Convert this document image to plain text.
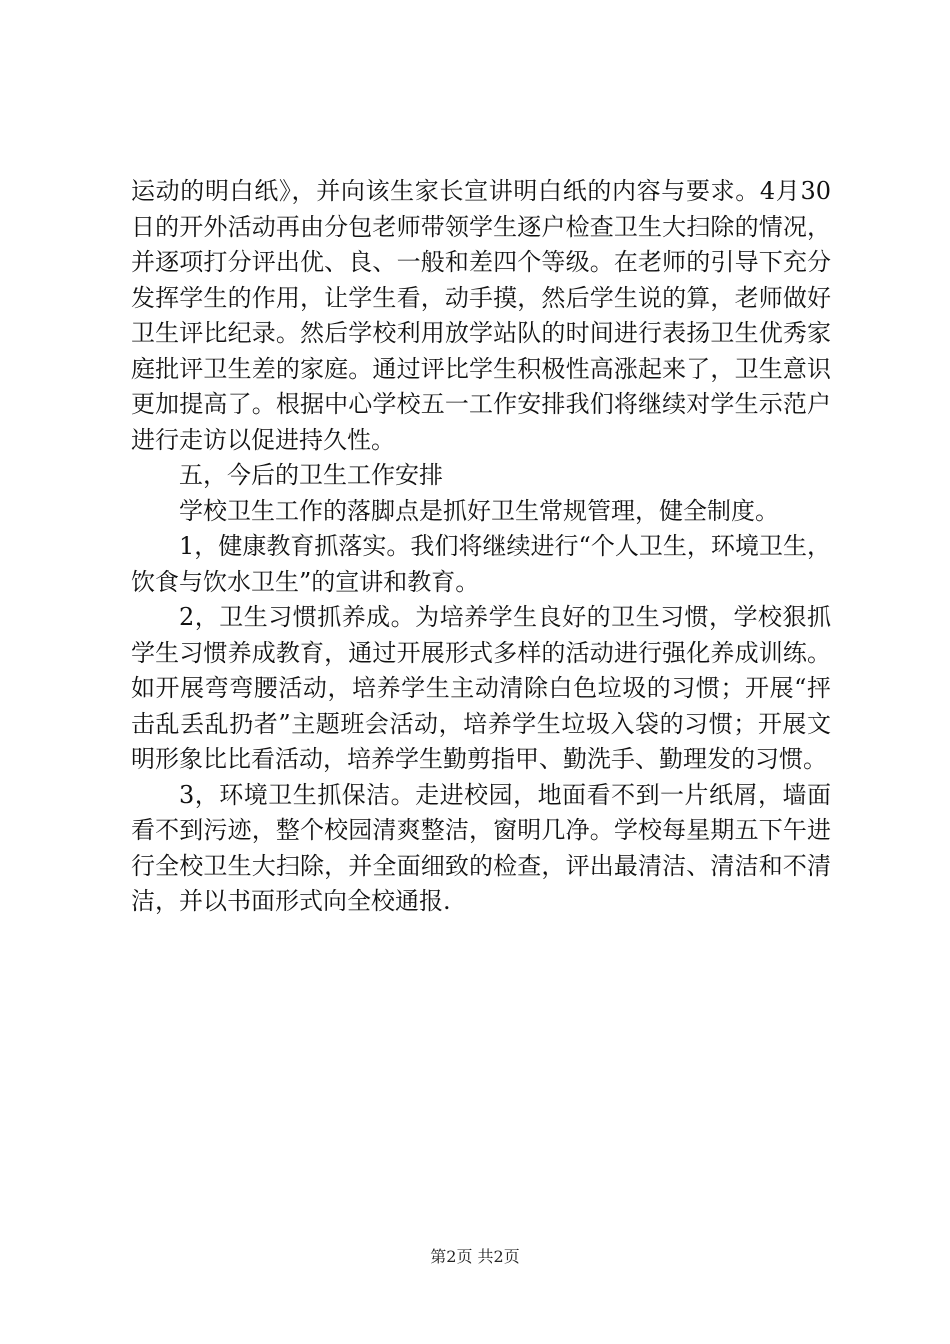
运动的明白纸》，并向该生家长宣讲明白纸的内容与要求。4月30日的开外活动再由分包老师带领学生逐户检查卫生大扫除的情况，并逐项打分评出优、良、一般和差四个等级。在老师的引导下充分发挥学生的作用，让学生看，动手摸，然后学生说的算，老师做好卫生评比纪录。然后学校利用放学站队的时间进行表扬卫生优秀家庭批评卫生差的家庭。通过评比学生积极性高涨起来了，卫生意识更加提高了。根据中心学校五一工作安排我们将继续对学生示范户进行走访以促进持久性。

五，今后的卫生工作安排

学校卫生工作的落脚点是抓好卫生常规管理，健全制度。

1，健康教育抓落实。我们将继续进行“个人卫生，环境卫生，饮食与饮水卫生”的宣讲和教育。

2，卫生习惯抓养成。为培养学生良好的卫生习惯，学校狠抓学生习惯养成教育，通过开展形式多样的活动进行强化养成训练。如开展弯弯腰活动，培养学生主动清除白色垃圾的习惯；开展“抨击乱丢乱扔者”主题班会活动，培养学生垃圾入袋的习惯；开展文明形象比比看活动，培养学生勤剪指甲、勤洗手、勤理发的习惯。

3，环境卫生抓保洁。走进校园，地面看不到一片纸屑，墙面看不到污迹，整个校园清爽整洁，窗明几净。学校每星期五下午进行全校卫生大扫除，并全面细致的检查，评出最清洁、清洁和不清洁，并以书面形式向全校通报.

第2页 共2页
